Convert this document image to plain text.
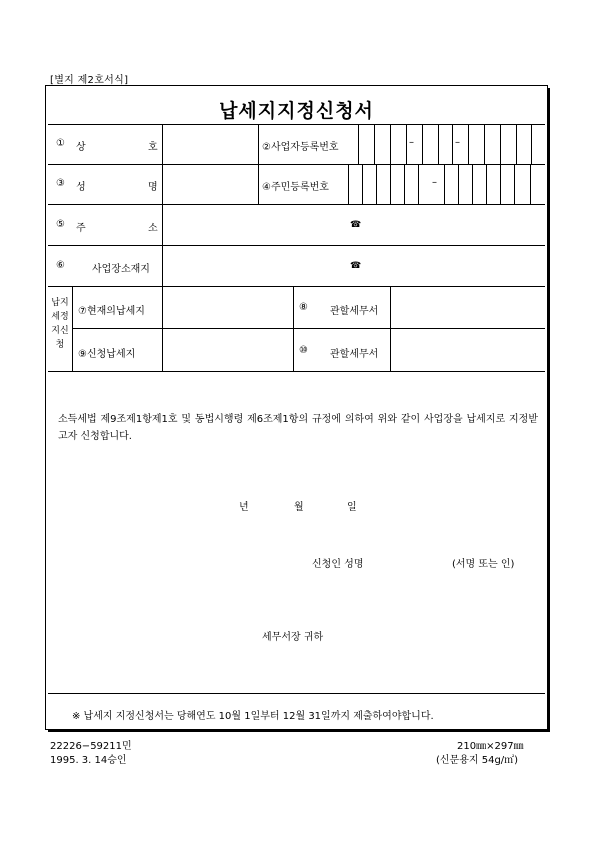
[별지 제2호서식]
납세지지정신청서
① 상	호	②사업자등록번호	–	–
③ 성	명	④주민등록번호	–
⑤ 주	소	☎
⑥	사업장소재지	☎
납지
세정
지신
청
⑦현재의납세지	⑧ 관할세무서
⑨신청납세지	⑩ 관할세무서
소득세법 제9조제1항제1호 및 동법시행령 제6조제1항의 규정에 의하여 위와 같이 사업장을 납세지로 지정받고자 신청합니다.
년	월	일
신청인 성명	(서명 또는 인)
세무서장 귀하
※ 납세지 지정신청서는 당해연도 10월 1일부터 12월 31일까지 제출하여야합니다.
22226−59211민
1995. 3. 14승인
210㎜×297㎜
(신문용지 54g/㎡)
